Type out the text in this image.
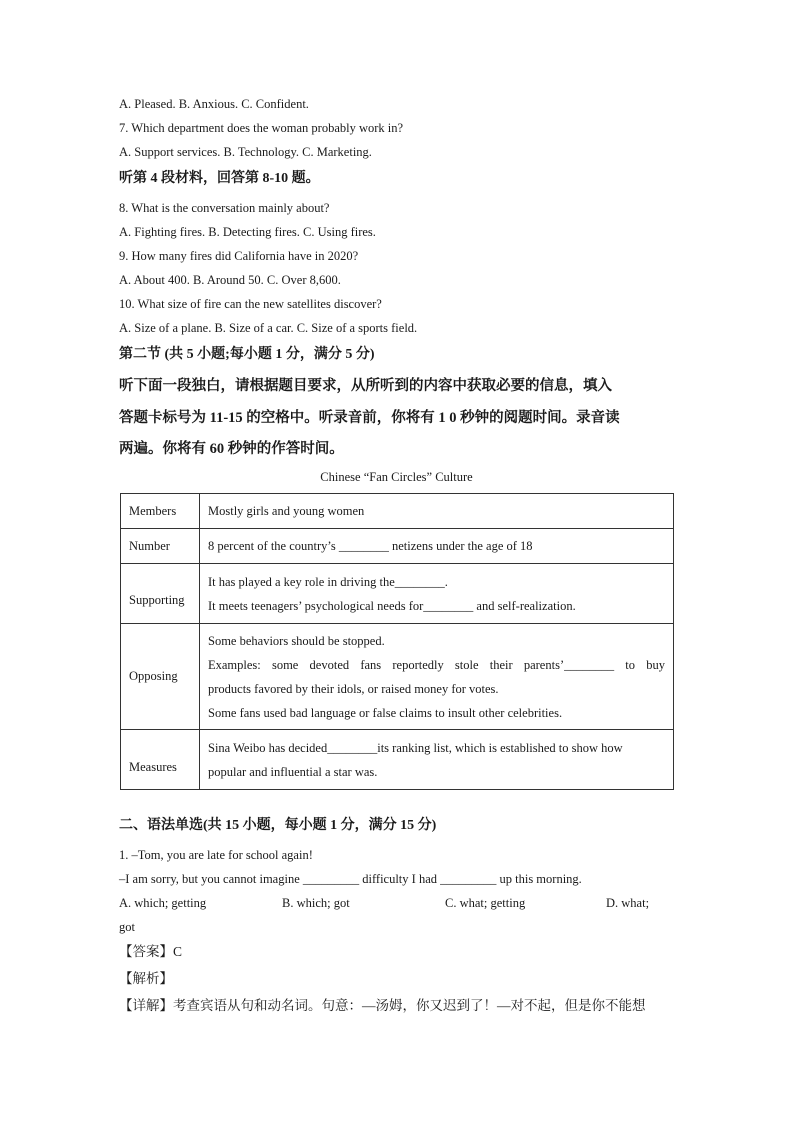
A. Pleased. B. Anxious. C. Confident.
7. Which department does the woman probably work in?
A. Support services. B. Technology. C. Marketing.
听第 4 段材料，回答第 8-10 题。
8. What is the conversation mainly about?
A. Fighting fires. B. Detecting fires. C. Using fires.
9. How many fires did California have in 2020?
A. About 400. B. Around 50. C. Over 8,600.
10. What size of fire can the new satellites discover?
A. Size of a plane. B. Size of a car. C. Size of a sports field.
第二节 (共 5 小题;每小题 1 分，满分 5 分)
听下面一段独白，请根据题目要求，从所听到的内容中获取必要的信息，填入
答题卡标号为 11-15 的空格中。听录音前，你将有 1 0 秒钟的阅题时间。录音读
两遍。你将有 60 秒钟的作答时间。
Chinese “Fan Circles” Culture
Members	Mostly girls and young women

Number	8 percent of the country’s ________ netizens under the age of 18

Supporting	It has played a key role in driving the________.

It meets teenagers’ psychological needs for________ and self-realization.

Opposing	Some behaviors should be stopped.

Examples: some devoted fans reportedly stole their parents’________ to buy

products favored by their idols, or raised money for votes.

Some fans used bad language or false claims to insult other celebrities.

Measures	Sina Weibo has decided________its ranking list, which is established to show how

popular and influential a star was.

二、语法单选(共 15 小题，每小题 1 分，满分 15 分)
1. –Tom, you are late for school again!
–I am sorry, but you cannot imagine _________ difficulty I had _________ up this morning.
A. which; getting	B. which; got	C. what; getting	D. what;
got
【答案】C
【解析】
【详解】考查宾语从句和动名词。句意：—汤姆，你又迟到了！—对不起，但是你不能想
